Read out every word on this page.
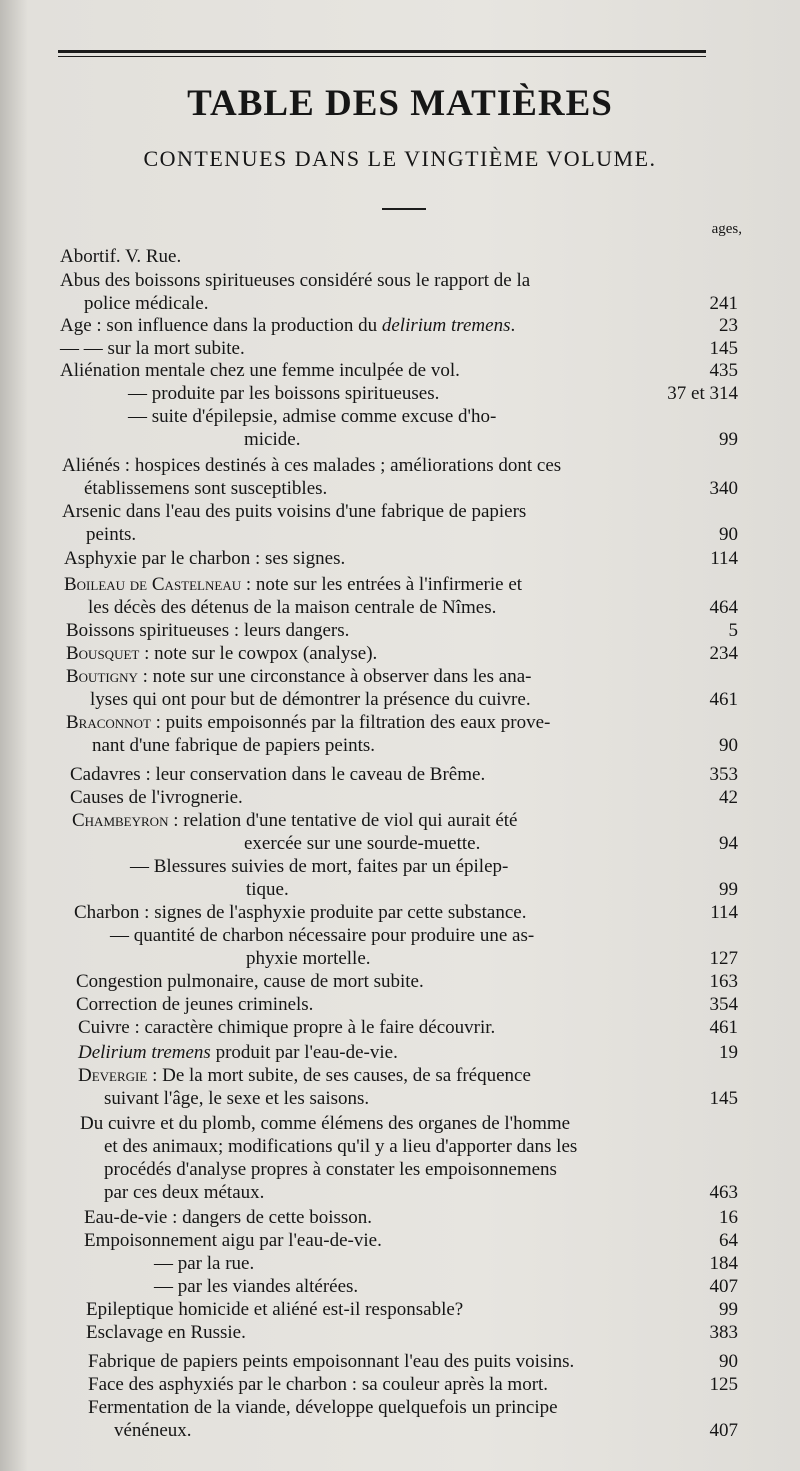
TABLE DES MATIÈRES
CONTENUES DANS LE VINGTIÈME VOLUME.
ages,
Abortif. V. Rue.
Abus des boissons spiritueuses considéré sous le rapport de la
police médicale.	241
Age : son influence dans la production du delirium tremens.	23
— — sur la mort subite.	145
Aliénation mentale chez une femme inculpée de vol.	435
— produite par les boissons spiritueuses.	37 et 314
— suite d'épilepsie, admise comme excuse d'ho-
micide.	99
Aliénés : hospices destinés à ces malades ; améliorations dont ces
établissemens sont susceptibles.	340
Arsenic dans l'eau des puits voisins d'une fabrique de papiers
peints.	90
Asphyxie par le charbon : ses signes.	114
Boileau de Castelneau : note sur les entrées à l'infirmerie et
les décès des détenus de la maison centrale de Nîmes.	464
Boissons spiritueuses : leurs dangers.	5
Bousquet : note sur le cowpox (analyse).	234
Boutigny : note sur une circonstance à observer dans les ana-
lyses qui ont pour but de démontrer la présence du cuivre.	461
Braconnot : puits empoisonnés par la filtration des eaux prove-
nant d'une fabrique de papiers peints.	90
Cadavres : leur conservation dans le caveau de Brême.	353
Causes de l'ivrognerie.	42
Chambeyron : relation d'une tentative de viol qui aurait été
exercée sur une sourde-muette.	94
— Blessures suivies de mort, faites par un épilep-
tique.	99
Charbon : signes de l'asphyxie produite par cette substance.	114
— quantité de charbon nécessaire pour produire une as-
phyxie mortelle.	127
Congestion pulmonaire, cause de mort subite.	163
Correction de jeunes criminels.	354
Cuivre : caractère chimique propre à le faire découvrir.	461
Delirium tremens produit par l'eau-de-vie.	19
Devergie : De la mort subite, de ses causes, de sa fréquence
suivant l'âge, le sexe et les saisons.	145
Du cuivre et du plomb, comme élémens des organes de l'homme
et des animaux; modifications qu'il y a lieu d'apporter dans les
procédés d'analyse propres à constater les empoisonnemens
par ces deux métaux.	463
Eau-de-vie : dangers de cette boisson.	16
Empoisonnement aigu par l'eau-de-vie.	64
— par la rue.	184
— par les viandes altérées.	407
Epileptique homicide et aliéné est-il responsable?	99
Esclavage en Russie.	383
Fabrique de papiers peints empoisonnant l'eau des puits voisins.	90
Face des asphyxiés par le charbon : sa couleur après la mort.	125
Fermentation de la viande, développe quelquefois un principe
vénéneux.	407
